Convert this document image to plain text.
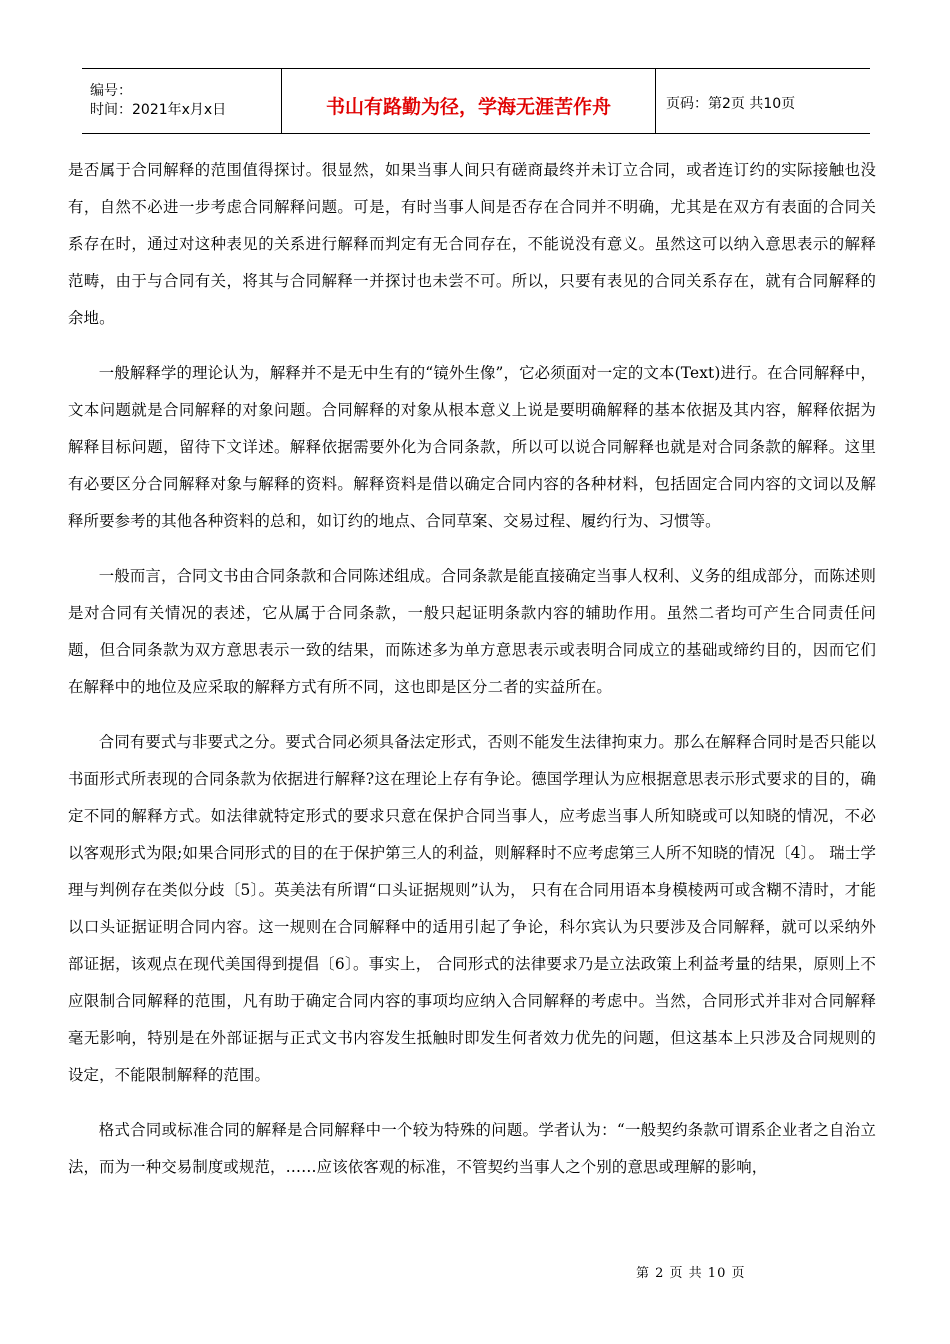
编号：
时间：2021年x月x日	书山有路勤为径，学海无涯苦作舟	页码：第2页 共10页

是否属于合同解释的范围值得探讨。很显然，如果当事人间只有磋商最终并未订立合同，或者连订约的实际接触也没有，自然不必进一步考虑合同解释问题。可是，有时当事人间是否存在合同并不明确，尤其是在双方有表面的合同关系存在时，通过对这种表见的关系进行解释而判定有无合同存在，不能说没有意义。虽然这可以纳入意思表示的解释范畴，由于与合同有关，将其与合同解释一并探讨也未尝不可。所以，只要有表见的合同关系存在，就有合同解释的余地。

一般解释学的理论认为，解释并不是无中生有的“镜外生像”，它必须面对一定的文本(Text)进行。在合同解释中，文本问题就是合同解释的对象问题。合同解释的对象从根本意义上说是要明确解释的基本依据及其内容，解释依据为解释目标问题，留待下文详述。解释依据需要外化为合同条款，所以可以说合同解释也就是对合同条款的解释。这里有必要区分合同解释对象与解释的资料。解释资料是借以确定合同内容的各种材料，包括固定合同内容的文词以及解释所要参考的其他各种资料的总和，如订约的地点、合同草案、交易过程、履约行为、习惯等。

一般而言，合同文书由合同条款和合同陈述组成。合同条款是能直接确定当事人权利、义务的组成部分，而陈述则是对合同有关情况的表述，它从属于合同条款，一般只起证明条款内容的辅助作用。虽然二者均可产生合同责任问题，但合同条款为双方意思表示一致的结果，而陈述多为单方意思表示或表明合同成立的基础或缔约目的，因而它们在解释中的地位及应采取的解释方式有所不同，这也即是区分二者的实益所在。

合同有要式与非要式之分。要式合同必须具备法定形式，否则不能发生法律拘束力。那么在解释合同时是否只能以书面形式所表现的合同条款为依据进行解释?这在理论上存有争论。德国学理认为应根据意思表示形式要求的目的，确定不同的解释方式。如法律就特定形式的要求只意在保护合同当事人，应考虑当事人所知晓或可以知晓的情况，不必以客观形式为限;如果合同形式的目的在于保护第三人的利益，则解释时不应考虑第三人所不知晓的情况〔4〕。 瑞士学理与判例存在类似分歧〔5〕。英美法有所谓“口头证据规则”认为， 只有在合同用语本身模棱两可或含糊不清时，才能以口头证据证明合同内容。这一规则在合同解释中的适用引起了争论，科尔宾认为只要涉及合同解释，就可以采纳外部证据，该观点在现代美国得到提倡〔6〕。事实上， 合同形式的法律要求乃是立法政策上利益考量的结果，原则上不应限制合同解释的范围，凡有助于确定合同内容的事项均应纳入合同解释的考虑中。当然，合同形式并非对合同解释毫无影响，特别是在外部证据与正式文书内容发生抵触时即发生何者效力优先的问题，但这基本上只涉及合同规则的设定，不能限制解释的范围。

格式合同或标准合同的解释是合同解释中一个较为特殊的问题。学者认为：“一般契约条款可谓系企业者之自治立法，而为一种交易制度或规范，……应该依客观的标准，不管契约当事人之个别的意思或理解的影响，

第 2 页 共 10 页
